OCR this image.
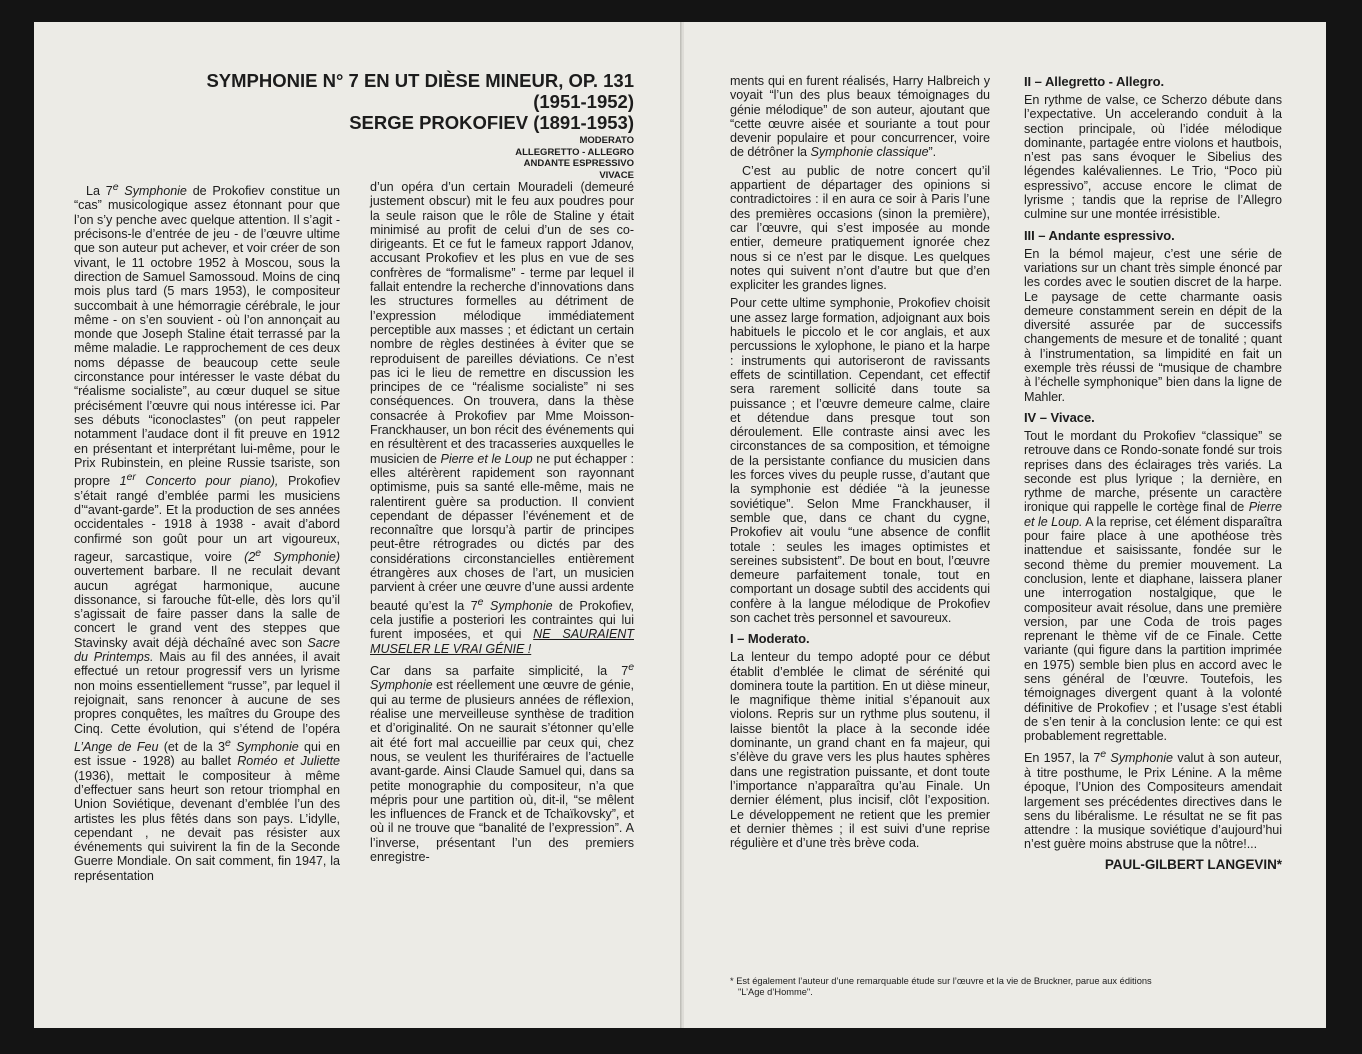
SYMPHONIE N° 7 EN UT DIÈSE MINEUR, OP. 131
(1951-1952)
SERGE PROKOFIEV (1891-1953)
MODERATO
ALLEGRETTO - ALLEGRO
ANDANTE ESPRESSIVO
VIVACE

La 7e Symphonie de Prokofiev constitue un “cas” musicologique assez étonnant pour que l’on s’y penche avec quelque attention. Il s’agit - précisons-le d’entrée de jeu - de l’œuvre ultime que son auteur put achever, et voir créer de son vivant, le 11 octobre 1952 à Moscou, sous la direction de Samuel Samossoud. Moins de cinq mois plus tard (5 mars 1953), le compositeur succombait à une hémorragie cérébrale, le jour même - on s’en souvient - où l’on annonçait au monde que Joseph Staline était terrassé par la même maladie. Le rapprochement de ces deux noms dépasse de beaucoup cette seule circonstance pour intéresser le vaste débat du “réalisme socialiste”, au cœur duquel se situe précisément l’œuvre qui nous intéresse ici. Par ses débuts “iconoclastes” (on peut rappeler notamment l’audace dont il fit preuve en 1912 en présentant et interprétant lui-même, pour le Prix Rubinstein, en pleine Russie tsariste, son propre 1er Concerto pour piano), Prokofiev s’était rangé d’emblée parmi les musiciens d’“avant-garde”. Et la production de ses années occidentales - 1918 à 1938 - avait d’abord confirmé son goût pour un art vigoureux, rageur, sarcastique, voire (2e Symphonie) ouvertement barbare. Il ne reculait devant aucun agrégat harmonique, aucune dissonance, si farouche fût-elle, dès lors qu’il s’agissait de faire passer dans la salle de concert le grand vent des steppes que Stavinsky avait déjà déchaîné avec son Sacre du Printemps. Mais au fil des années, il avait effectué un retour progressif vers un lyrisme non moins essentiellement “russe”, par lequel il rejoignait, sans renoncer à aucune de ses propres conquêtes, les maîtres du Groupe des Cinq. Cette évolution, qui s’étend de l’opéra L’Ange de Feu (et de la 3e Symphonie qui en est issue - 1928) au ballet Roméo et Juliette (1936), mettait le compositeur à même d’effectuer sans heurt son retour triomphal en Union Soviétique, devenant d’emblée l’un des artistes les plus fêtés dans son pays. L’idylle, cependant , ne devait pas résister aux événements qui suivirent la fin de la Seconde Guerre Mondiale. On sait comment, fin 1947, la représentation

d’un opéra d’un certain Mouradeli (demeuré justement obscur) mit le feu aux poudres pour la seule raison que le rôle de Staline y était minimisé au profit de celui d’un de ses co-dirigeants. Et ce fut le fameux rapport Jdanov, accusant Prokofiev et les plus en vue de ses confrères de “formalisme” - terme par lequel il fallait entendre la recherche d’innovations dans les structures formelles au détriment de l’expression mélodique immédiatement perceptible aux masses ; et édictant un certain nombre de règles destinées à éviter que se reproduisent de pareilles déviations. Ce n’est pas ici le lieu de remettre en discussion les principes de ce “réalisme socialiste” ni ses conséquences. On trouvera, dans la thèse consacrée à Prokofiev par Mme Moisson-Franckhauser, un bon récit des événements qui en résultèrent et des tracasseries auxquelles le musicien de Pierre et le Loup ne put échapper : elles altérèrent rapidement son rayonnant optimisme, puis sa santé elle-même, mais ne ralentirent guère sa production. Il convient cependant de dépasser l’événement et de reconnaître que lorsqu’à partir de principes peut-être rétrogrades ou dictés par des considérations circonstancielles entièrement étrangères aux choses de l’art, un musicien parvient à créer une œuvre d’une aussi ardente beauté qu’est la 7e Symphonie de Prokofiev, cela justifie a posteriori les contraintes qui lui furent imposées, et qui NE SAURAIENT MUSELER LE VRAI GÉNIE !

Car dans sa parfaite simplicité, la 7e Symphonie est réellement une œuvre de génie, qui au terme de plusieurs années de réflexion, réalise une merveilleuse synthèse de tradition et d’originalité. On ne saurait s’étonner qu’elle ait été fort mal accueillie par ceux qui, chez nous, se veulent les thuriféraires de l’actuelle avant-garde. Ainsi Claude Samuel qui, dans sa petite monographie du compositeur, n’a que mépris pour une partition où, dit-il, “se mêlent les influences de Franck et de Tchaïkovsky”, et où il ne trouve que “banalité de l’expression”. A l’inverse, présentant l’un des premiers enregistre-

ments qui en furent réalisés, Harry Halbreich y voyait “l’un des plus beaux témoignages du génie mélodique” de son auteur, ajoutant que “cette œuvre aisée et souriante a tout pour devenir populaire et pour concurrencer, voire de détrôner la Symphonie classique”.

C’est au public de notre concert qu’il appartient de départager des opinions si contradictoires : il en aura ce soir à Paris l’une des premières occasions (sinon la première), car l’œuvre, qui s’est imposée au monde entier, demeure pratiquement ignorée chez nous si ce n’est par le disque. Les quelques notes qui suivent n’ont d’autre but que d’en expliciter les grandes lignes.

Pour cette ultime symphonie, Prokofiev choisit une assez large formation, adjoignant aux bois habituels le piccolo et le cor anglais, et aux percussions le xylophone, le piano et la harpe : instruments qui autoriseront de ravissants effets de scintillation. Cependant, cet effectif sera rarement sollicité dans toute sa puissance ; et l’œuvre demeure calme, claire et détendue dans presque tout son déroulement. Elle contraste ainsi avec les circonstances de sa composition, et témoigne de la persistante confiance du musicien dans les forces vives du peuple russe, d’autant que la symphonie est dédiée “à la jeunesse soviétique”. Selon Mme Franckhauser, il semble que, dans ce chant du cygne, Prokofiev ait voulu “une absence de conflit totale : seules les images optimistes et sereines subsistent”. De bout en bout, l’œuvre demeure parfaitement tonale, tout en comportant un dosage subtil des accidents qui confère à la langue mélodique de Prokofiev son cachet très personnel et savoureux.

I – Moderato.

La lenteur du tempo adopté pour ce début établit d’emblée le climat de sérénité qui dominera toute la partition. En ut dièse mineur, le magnifique thème initial s’épanouit aux violons. Repris sur un rythme plus soutenu, il laisse bientôt la place à la seconde idée dominante, un grand chant en fa majeur, qui s’élève du grave vers les plus hautes sphères dans une registration puissante, et dont toute l’importance n’apparaîtra qu’au Finale. Un dernier élément, plus incisif, clôt l’exposition. Le développement ne retient que les premier et dernier thèmes ; il est suivi d’une reprise régulière et d’une très brève coda.

II – Allegretto - Allegro.

En rythme de valse, ce Scherzo débute dans l’expectative. Un accelerando conduit à la section principale, où l’idée mélodique dominante, partagée entre violons et hautbois, n’est pas sans évoquer le Sibelius des légendes kalévaliennes. Le Trio, “Poco più espressivo”, accuse encore le climat de lyrisme ; tandis que la reprise de l’Allegro culmine sur une montée irrésistible.

III – Andante espressivo.

En la bémol majeur, c’est une série de variations sur un chant très simple énoncé par les cordes avec le soutien discret de la harpe. Le paysage de cette charmante oasis demeure constamment serein en dépit de la diversité assurée par de successifs changements de mesure et de tonalité ; quant à l’instrumentation, sa limpidité en fait un exemple très réussi de “musique de chambre à l’échelle symphonique” bien dans la ligne de Mahler.

IV – Vivace.

Tout le mordant du Prokofiev “classique” se retrouve dans ce Rondo-sonate fondé sur trois reprises dans des éclairages très variés. La seconde est plus lyrique ; la dernière, en rythme de marche, présente un caractère ironique qui rappelle le cortège final de Pierre et le Loup. A la reprise, cet élément disparaîtra pour faire place à une apothéose très inattendue et saisissante, fondée sur le second thème du premier mouvement. La conclusion, lente et diaphane, laissera planer une interrogation nostalgique, que le compositeur avait résolue, dans une première version, par une Coda de trois pages reprenant le thème vif de ce Finale. Cette variante (qui figure dans la partition imprimée en 1975) semble bien plus en accord avec le sens général de l’œuvre. Toutefois, les témoignages divergent quant à la volonté définitive de Prokofiev ; et l’usage s’est établi de s’en tenir à la conclusion lente: ce qui est probablement regrettable.

En 1957, la 7e Symphonie valut à son auteur, à titre posthume, le Prix Lénine. A la même époque, l’Union des Compositeurs amendait largement ses précédentes directives dans le sens du libéralisme. Le résultat ne se fit pas attendre : la musique soviétique d’aujourd’hui n’est guère moins abstruse que la nôtre!...

PAUL-GILBERT LANGEVIN*
* Est également l’auteur d’une remarquable étude sur l’œuvre et la vie de Bruckner, parue aux éditions
"L’Age d’Homme".
